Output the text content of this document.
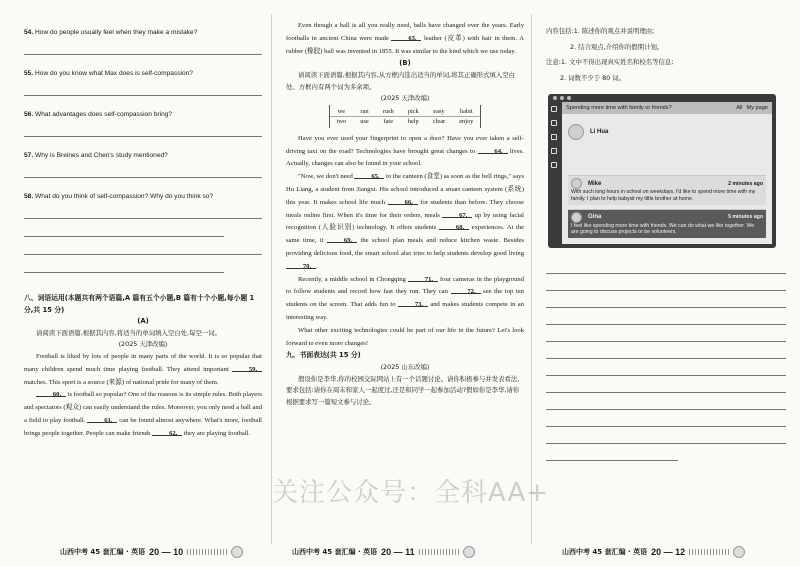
54. How do people usually feel when they make a mistake?
55. How do you know what Max does is self-compassion?
56. What advantages does self-compassion bring?
57. Why is Breines and Chen's study mentioned?
58. What do you think of self-compassion? Why do you think so?
八、词语运用(本题共有两个语篇,A 篇有五个小题,B 篇有十个小题,每小题 1 分,共 15 分)
(A)
请阅读下面语篇,根据其内容,将适当的单词填入空白处,每空一词。
(2025 天津改编)
Football is liked by lots of people in many parts of the world. It is so popular that many children spend much time playing football. They attend important	59. matches. This sport is a source (来源) of national pride for many of them.
60. is football so popular? One of the reasons is its simple rules. Both players and spectators (观众) can easily understand the rules. Moreover, you only need a ball and a field to play football.	61. can be found almost anywhere. What's more, football brings people together. People can make friends	62. they are playing football.
山西中考 45 套汇编 · 英语 20 — 10
Even though a ball is all you really need, balls have changed over the years. Early footballs in ancient China were made	63. leather (皮革) with hair in them. A rubber (橡胶) ball was invented in 1855. It was similar to the kind which we use today.
(B)
请阅读下面语篇,根据其内容,从方框内选出适当的单词,将其正确形式填入空白处。方框内有两个词为多余项。
(2025 天津改编)
we	ran	rush	pick	easy	habit
two	use	fate	help	clear	enjoy
Have you ever used your fingerprint to open a door? Have you ever taken a self-driving taxi on the road? Technologies have brought great changes to	64. lives. Actually, changes can also be found in your school.
"Now, we don't need	65. to the canteen (食堂) as soon as the bell rings," says Hu Liang, a student from Jiangxi. His school introduced a smart canteen system (系统) this year. It makes school life much	66. for students than before. They choose meals online first. When it's time for their orders, meals	67. up by using facial recognition (人脸识别) technology. It offers students	68. experiences. At the same time, it	69. the school plan meals and reduce kitchen waste. Besides providing delicious food, the smart school also tries to help students develop good living 70. .
Recently, a middle school in Chongqing	71. four cameras in the playground to follow students and record how fast they run. They can	72. see the top ten students on the screen. That adds fun to	73. and makes students compete in an interesting way.
What other exciting technologies could be part of our life in the future? Let's look forward to even more changes!
九、书面表达(共 15 分)
(2025 山东改编)
假设你是李华,你的校园交际网站上有一个话题讨论。请你积极参与并发表看法,要求包括:请你在周末和家人一起度过,还是和同学一起参加活动?假如你是李华,请你根据要求写一篇短文参与讨论。
山西中考 45 套汇编 · 英语 20 — 11
内容包括:1. 陈述你的观点并说明理由;
2. 结合观点,介绍你的假期计划。
注意:1. 文中不得出现真实姓名和校名等信息;
2. 词数不少于 80 词。
Spending more time with family or friends?	All My page
Li Hua
Mike	2 minutes ago
With such long hours in school on weekdays, I'd like to spend more time with my family. I plan to help babysit my little brother at home.
Gina	5 minutes ago
I feel like spending more time with friends. We can do what we like together. We are going to discuss projects or be volunteers.
山西中考 45 套汇编 · 英语 20 — 12
关注公众号：全科AA+
